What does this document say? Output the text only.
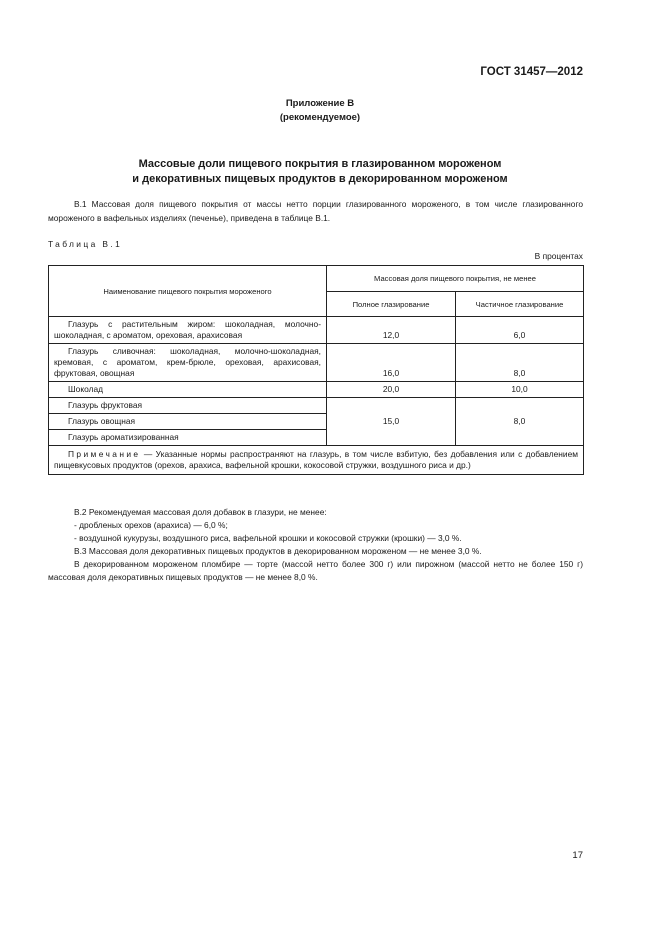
ГОСТ 31457—2012
Приложение В
(рекомендуемое)
Массовые доли пищевого покрытия в глазированном мороженом
и декоративных пищевых продуктов в декорированном мороженом
В.1 Массовая доля пищевого покрытия от массы нетто порции глазированного мороженого, в том числе глазированного мороженого в вафельных изделиях (печенье), приведена в таблице В.1.
Таблица В.1
В процентах
Наименование пищевого покрытия мороженого	Массовая доля пищевого покрытия, не менее	
	Полное глазирование	Частичное глазирование
Глазурь с растительным жиром: шоколадная, молочно-шоколадная, с ароматом, ореховая, арахисовая	12,0	6,0
Глазурь сливочная: шоколадная, молочно-шоколадная, кремовая, с ароматом, крем-брюле, ореховая, арахисовая, фруктовая, овощная	16,0	8,0
Шоколад	20,0	10,0
Глазурь фруктовая	15,0	8,0
Глазурь овощная		
Глазурь ароматизированная		
Примечание — Указанные нормы распространяют на глазурь, в том числе взбитую, без добавления или с добавлением пищевкусовых продуктов (орехов, арахиса, вафельной крошки, кокосовой стружки, воздушного риса и др.)		
В.2 Рекомендуемая массовая доля добавок в глазури, не менее:
- дробленых орехов (арахиса) — 6,0 %;
- воздушной кукурузы, воздушного риса, вафельной крошки и кокосовой стружки (крошки) — 3,0 %.
В.3 Массовая доля декоративных пищевых продуктов в декорированном мороженом — не менее 3,0 %.
В декорированном мороженом пломбире — торте (массой нетто более 300 г) или пирожном (массой нетто не более 150 г) массовая доля декоративных пищевых продуктов — не менее 8,0 %.
17
